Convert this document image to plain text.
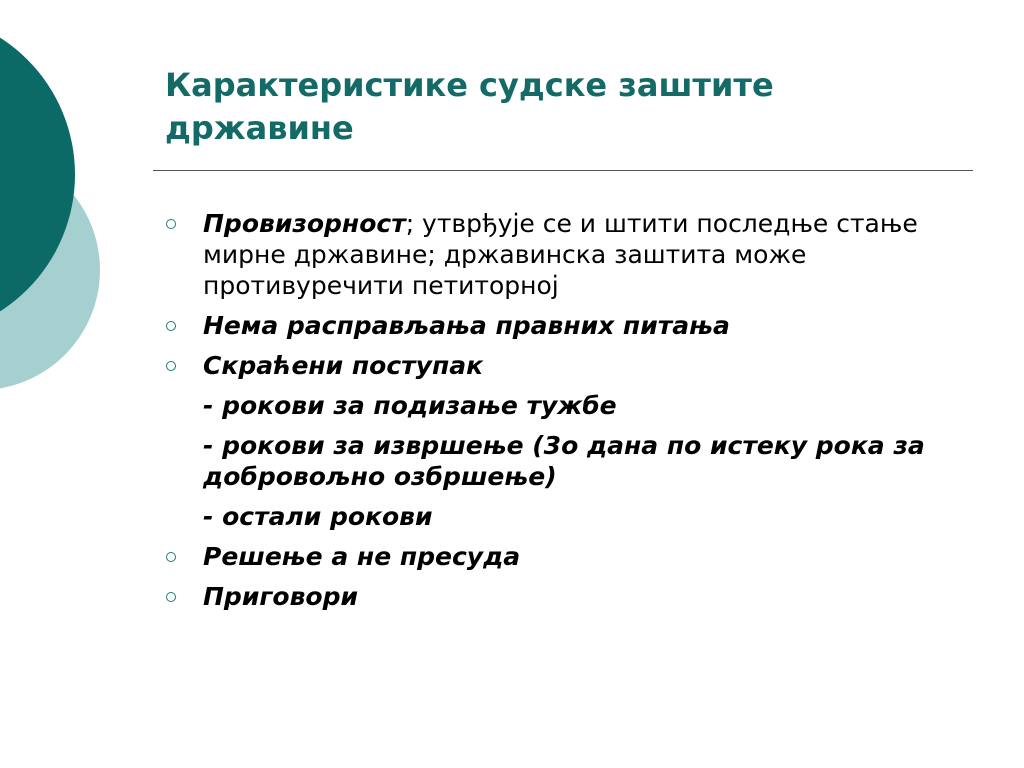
Карактеристике судске заштите државине
Провизорност; утврђује се и штити последње стање мирне државине; државинска заштита може противуречити петиторној
Нема расправљања правних питања
Скраћени поступак
- рокови за подизање тужбе
- рокови за извршење (3о дана по истеку рока за добровољно озбршење)
- остали рокови
Решење а не пресуда
Приговори
